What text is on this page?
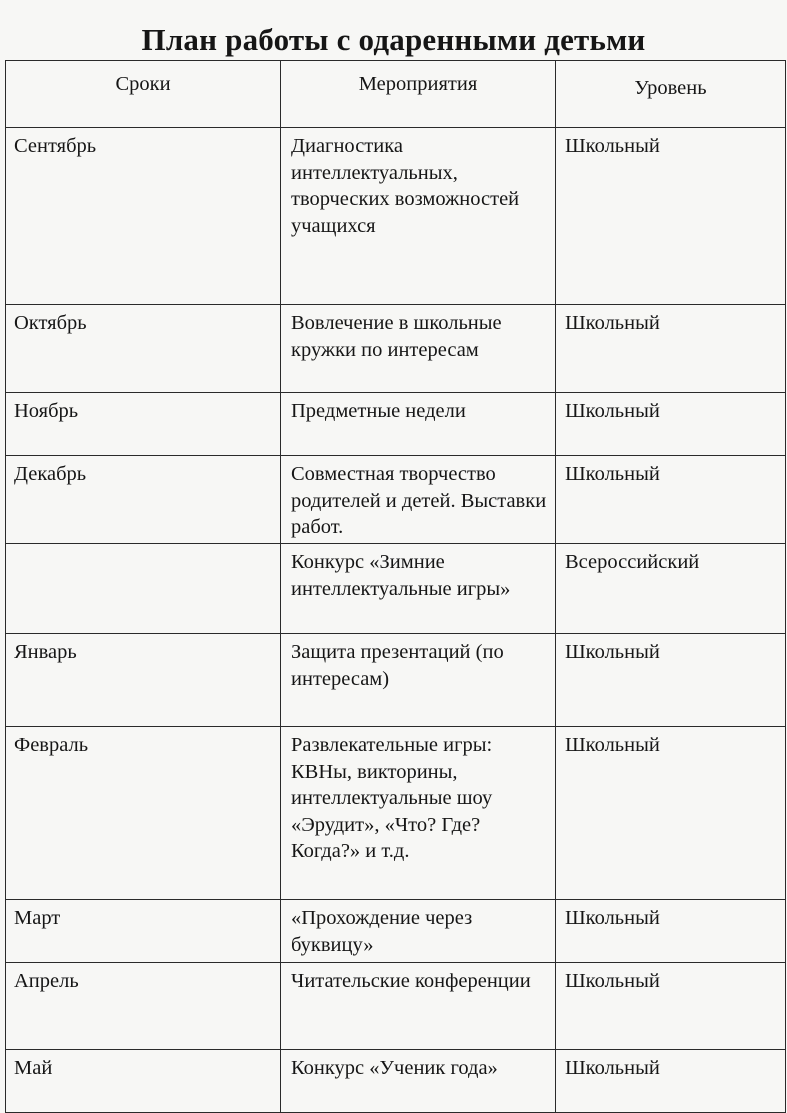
План работы с одаренными детьми
Сроки	Мероприятия	Уровень

Сентябрь	Диагностика интеллектуальных, творческих возможностей учащихся	Школьный

Октябрь	Вовлечение в школьные кружки по интересам	Школьный

Ноябрь	Предметные недели	Школьный

Декабрь	Совместная творчество родителей и детей. Выставки работ.	Школьный

	Конкурс «Зимние интеллектуальные игры»	Всероссийский

Январь	Защита презентаций (по интересам)	Школьный

Февраль	Развлекательные игры: КВНы, викторины, интеллектуальные шоу «Эрудит», «Что? Где? Когда?» и т.д.	Школьный

Март	«Прохождение через буквицу»	Школьный

Апрель	Читательские конференции	Школьный

Май	Конкурс «Ученик года»	Школьный
